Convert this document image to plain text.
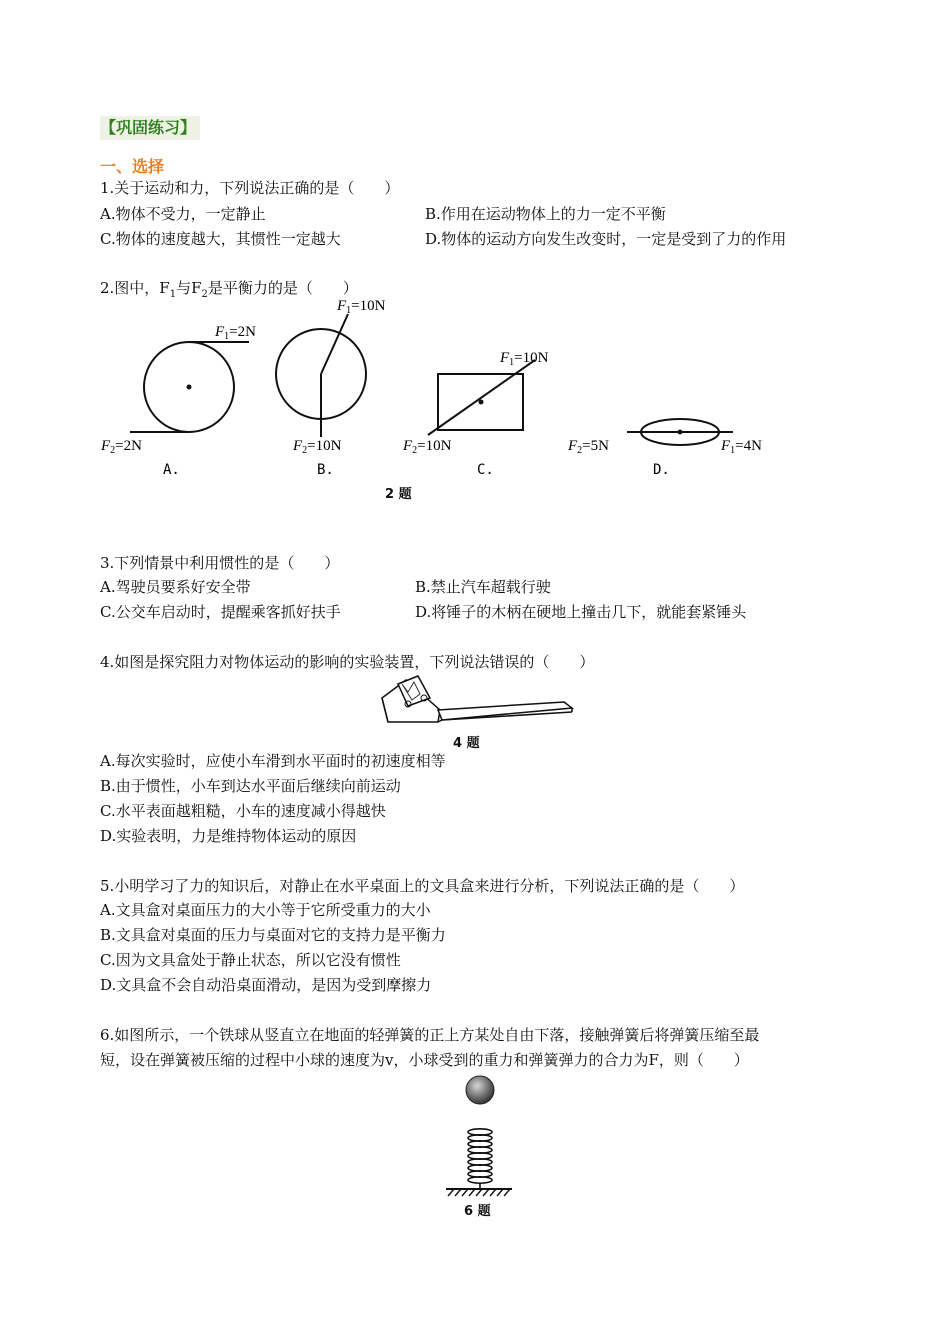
【巩固练习】
一、选择
1.关于运动和力，下列说法正确的是（　　）
A.物体不受力，一定静止	B.作用在运动物体上的力一定不平衡
C.物体的速度越大，其惯性一定越大	D.物体的运动方向发生改变时，一定是受到了力的作用
2.图中，$F_1$与$F_2$是平衡力的是（　　）
$F_1=2N$
$F_2=2N$
A.
$F_1=10N$
$F_2=10N$
B.
$F_1=10N$
$F_2=10N$
C.
$F_2=5N$	$F_1=4N$
D.
2 题
3.下列情景中利用惯性的是（　　）
A.驾驶员要系好安全带	B.禁止汽车超载行驶
C.公交车启动时，提醒乘客抓好扶手	D.将锤子的木柄在硬地上撞击几下，就能套紧锤头
4.如图是探究阻力对物体运动的影响的实验装置，下列说法错误的（　　）
4 题
A.每次实验时，应使小车滑到水平面时的初速度相等
B.由于惯性，小车到达水平面后继续向前运动
C.水平表面越粗糙，小车的速度减小得越快
D.实验表明，力是维持物体运动的原因
5.小明学习了力的知识后，对静止在水平桌面上的文具盒来进行分析，下列说法正确的是（　　）
A.文具盒对桌面压力的大小等于它所受重力的大小
B.文具盒对桌面的压力与桌面对它的支持力是平衡力
C.因为文具盒处于静止状态，所以它没有惯性
D.文具盒不会自动沿桌面滑动，是因为受到摩擦力
6.如图所示，一个铁球从竖直立在地面的轻弹簧的正上方某处自由下落，接触弹簧后将弹簧压缩至最
短，设在弹簧被压缩的过程中小球的速度为v，小球受到的重力和弹簧弹力的合力为F，则（　　）
6 题
